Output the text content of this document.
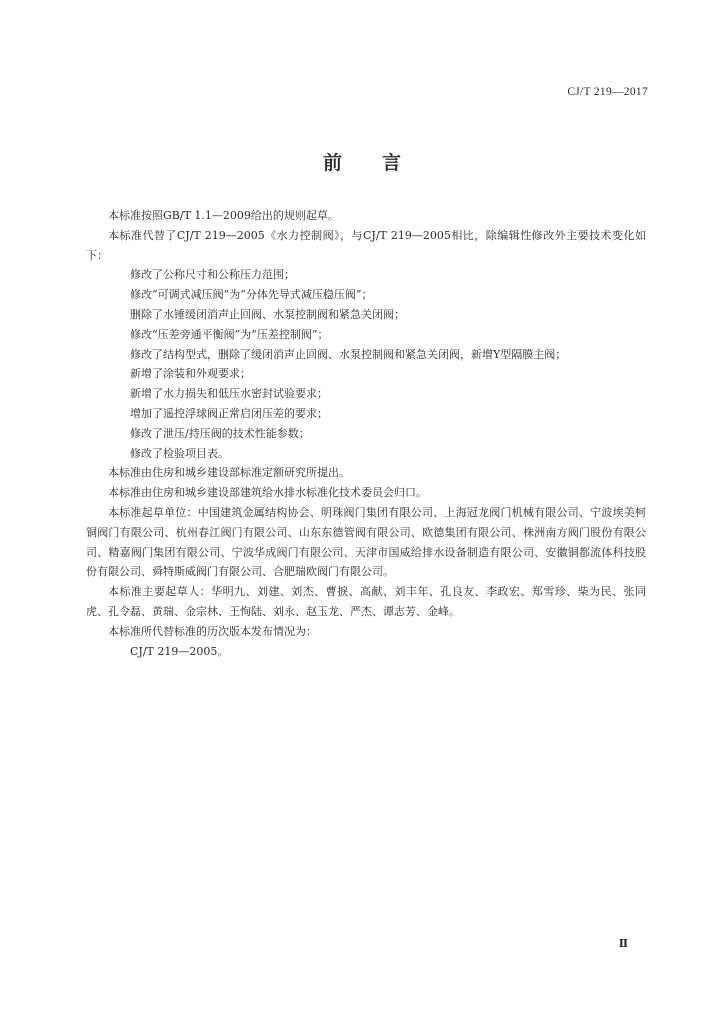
CJ/T 219—2017
前言

本标准按照GB/T 1.1—2009给出的规则起草。

本标准代替了CJ/T 219—2005《水力控制阀》，与CJ/T 219—2005相比，除编辑性修改外主要技术变化如下：

修改了公称尺寸和公称压力范围；

修改“可调式减压阀”为“分体先导式减压稳压阀”；

删除了水锤缓闭消声止回阀、水泵控制阀和紧急关闭阀；

修改“压差旁通平衡阀”为“压差控制阀”；

修改了结构型式，删除了缓闭消声止回阀、水泵控制阀和紧急关闭阀，新增Y型隔膜主阀；

新增了涂装和外观要求；

新增了水力损失和低压水密封试验要求；

增加了遥控浮球阀正常启闭压差的要求；

修改了泄压/持压阀的技术性能参数；

修改了检验项目表。

本标准由住房和城乡建设部标准定额研究所提出。

本标准由住房和城乡建设部建筑给水排水标准化技术委员会归口。

本标准起草单位：中国建筑金属结构协会、明珠阀门集团有限公司、上海冠龙阀门机械有限公司、宁波埃美柯铜阀门有限公司、杭州春江阀门有限公司、山东东德管阀有限公司、欧德集团有限公司、株洲南方阀门股份有限公司、精嘉阀门集团有限公司、宁波华成阀门有限公司、天津市国威给排水设备制造有限公司、安徽铜都流体科技股份有限公司、舜特斯威阀门有限公司、合肥瑞欧阀门有限公司。

本标准主要起草人：华明九、刘建、刘杰、曹捩、高献、刘丰年、孔良友、李政宏、郑雪珍、柴为民、张同虎、孔令磊、黄瑞、金宗林、王恂陆、刘永、赵玉龙、严杰、谭志芳、金峰。

本标准所代替标准的历次版本发布情况为：

CJ/T 219—2005。

Ⅱ
